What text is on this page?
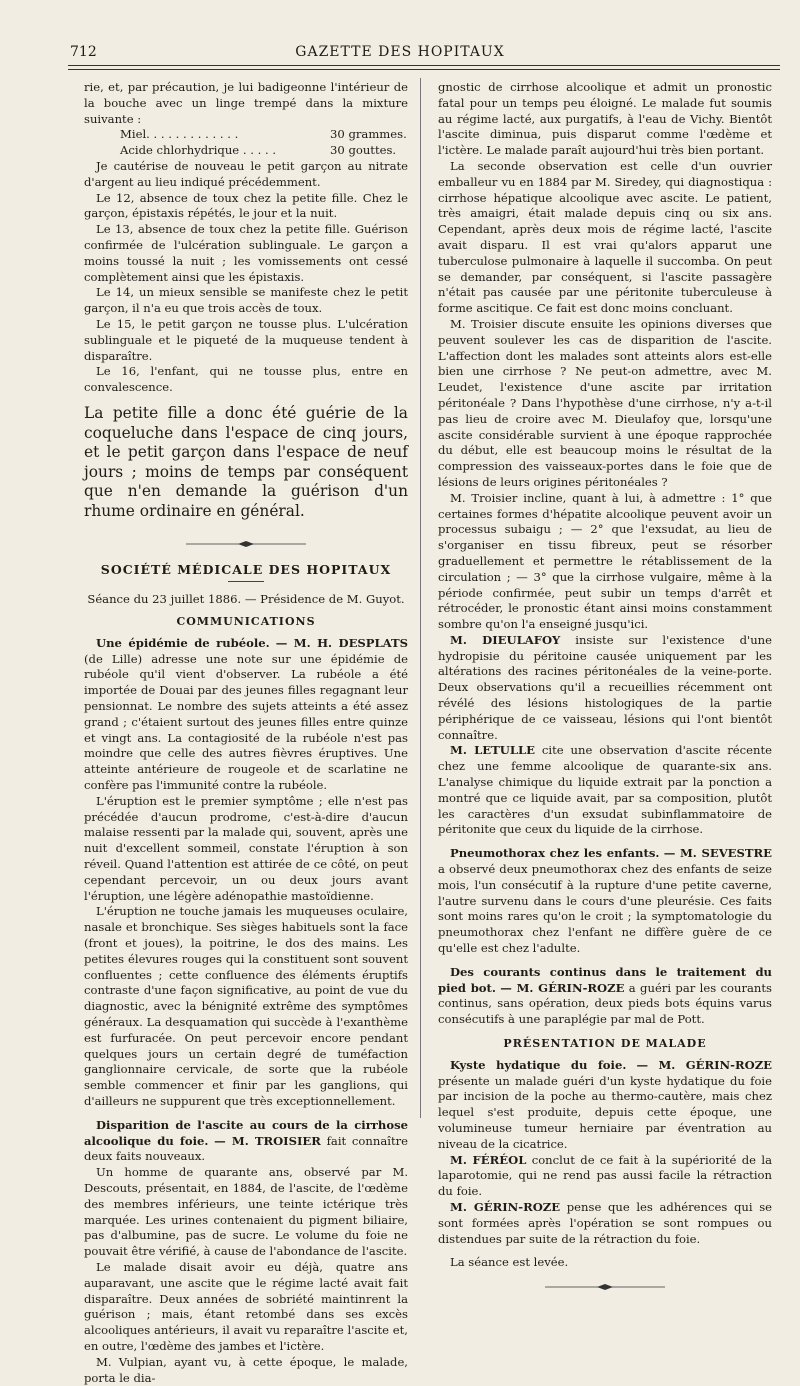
712	GAZETTE DES HOPITAUX

rie, et, par précaution, je lui badigeonne l'intérieur de la bouche avec un linge trempé dans la mixture suivante :

Miel. . . . . . . . . . . . .	30 grammes.
Acide chlorhydrique . . . . .	30 gouttes.

Je cautérise de nouveau le petit garçon au nitrate d'argent au lieu indiqué précédemment.

Le 12, absence de toux chez la petite fille. Chez le garçon, épistaxis répétés, le jour et la nuit.

Le 13, absence de toux chez la petite fille. Guérison confirmée de l'ulcération sublinguale. Le garçon a moins toussé la nuit ; les vomissements ont cessé complètement ainsi que les épistaxis.

Le 14, un mieux sensible se manifeste chez le petit garçon, il n'a eu que trois accès de toux.

Le 15, le petit garçon ne tousse plus. L'ulcération sublinguale et le piqueté de la muqueuse tendent à disparaître.

Le 16, l'enfant, qui ne tousse plus, entre en convalescence.

La petite fille a donc été guérie de la coqueluche dans l'espace de cinq jours, et le petit garçon dans l'espace de neuf jours ; moins de temps par conséquent que n'en demande la guérison d'un rhume ordinaire en général.

SOCIÉTÉ MÉDICALE DES HOPITAUX
Séance du 23 juillet 1886. — Présidence de M. Guyot.
COMMUNICATIONS

Une épidémie de rubéole. — M. H. DESPLATS (de Lille) adresse une note sur une épidémie de rubéole qu'il vient d'observer. La rubéole a été importée de Douai par des jeunes filles regagnant leur pensionnat. Le nombre des sujets atteints a été assez grand ; c'étaient surtout des jeunes filles entre quinze et vingt ans. La contagiosité de la rubéole n'est pas moindre que celle des autres fièvres éruptives. Une atteinte antérieure de rougeole et de scarlatine ne confère pas l'immunité contre la rubéole.

L'éruption est le premier symptôme ; elle n'est pas précédée d'aucun prodrome, c'est-à-dire d'aucun malaise ressenti par la malade qui, souvent, après une nuit d'excellent sommeil, constate l'éruption à son réveil. Quand l'attention est attirée de ce côté, on peut cependant percevoir, un ou deux jours avant l'éruption, une légère adénopathie mastoïdienne.

L'éruption ne touche jamais les muqueuses oculaire, nasale et bronchique. Ses sièges habituels sont la face (front et joues), la poitrine, le dos des mains. Les petites élevures rouges qui la constituent sont souvent confluentes ; cette confluence des éléments éruptifs contraste d'une façon significative, au point de vue du diagnostic, avec la bénignité extrême des symptômes généraux. La desquamation qui succède à l'exanthème est furfuracée. On peut percevoir encore pendant quelques jours un certain degré de tuméfaction ganglionnaire cervicale, de sorte que la rubéole semble commencer et finir par les ganglions, qui d'ailleurs ne suppurent que très exceptionnellement.

Disparition de l'ascite au cours de la cirrhose alcoolique du foie. — M. TROISIER fait connaître deux faits nouveaux.

Un homme de quarante ans, observé par M. Descouts, présentait, en 1884, de l'ascite, de l'œdème des membres inférieurs, une teinte ictérique très marquée. Les urines contenaient du pigment biliaire, pas d'albumine, pas de sucre. Le volume du foie ne pouvait être vérifié, à cause de l'abondance de l'ascite.

Le malade disait avoir eu déjà, quatre ans auparavant, une ascite que le régime lacté avait fait disparaître. Deux années de sobriété maintinrent la guérison ; mais, étant retombé dans ses excès alcooliques antérieurs, il avait vu reparaître l'ascite et, en outre, l'œdème des jambes et l'ictère.

M. Vulpian, ayant vu, à cette époque, le malade, porta le dia-

gnostic de cirrhose alcoolique et admit un pronostic fatal pour un temps peu éloigné. Le malade fut soumis au régime lacté, aux purgatifs, à l'eau de Vichy. Bientôt l'ascite diminua, puis disparut comme l'œdème et l'ictère. Le malade paraît aujourd'hui très bien portant.

La seconde observation est celle d'un ouvrier emballeur vu en 1884 par M. Siredey, qui diagnostiqua : cirrhose hépatique alcoolique avec ascite. Le patient, très amaigri, était malade depuis cinq ou six ans. Cependant, après deux mois de régime lacté, l'ascite avait disparu. Il est vrai qu'alors apparut une tuberculose pulmonaire à laquelle il succomba. On peut se demander, par conséquent, si l'ascite passagère n'était pas causée par une péritonite tuberculeuse à forme ascitique. Ce fait est donc moins concluant.

M. Troisier discute ensuite les opinions diverses que peuvent soulever les cas de disparition de l'ascite. L'affection dont les malades sont atteints alors est-elle bien une cirrhose ? Ne peut-on admettre, avec M. Leudet, l'existence d'une ascite par irritation péritonéale ? Dans l'hypothèse d'une cirrhose, n'y a-t-il pas lieu de croire avec M. Dieulafoy que, lorsqu'une ascite considérable survient à une époque rapprochée du début, elle est beaucoup moins le résultat de la compression des vaisseaux-portes dans le foie que de lésions de leurs origines péritonéales ?

M. Troisier incline, quant à lui, à admettre : 1° que certaines formes d'hépatite alcoolique peuvent avoir un processus subaigu ; — 2° que l'exsudat, au lieu de s'organiser en tissu fibreux, peut se résorber graduellement et permettre le rétablissement de la circulation ; — 3° que la cirrhose vulgaire, même à la période confirmée, peut subir un temps d'arrêt et rétrocéder, le pronostic étant ainsi moins constamment sombre qu'on l'a enseigné jusqu'ici.

M. DIEULAFOY insiste sur l'existence d'une hydropisie du péritoine causée uniquement par les altérations des racines péritonéales de la veine-porte. Deux observations qu'il a recueillies récemment ont révélé des lésions histologiques de la partie périphérique de ce vaisseau, lésions qui l'ont bientôt connaître.

M. LETULLE cite une observation d'ascite récente chez une femme alcoolique de quarante-six ans. L'analyse chimique du liquide extrait par la ponction a montré que ce liquide avait, par sa composition, plutôt les caractères d'un exsudat subinflammatoire de péritonite que ceux du liquide de la cirrhose.

Pneumothorax chez les enfants. — M. SEVESTRE a observé deux pneumothorax chez des enfants de seize mois, l'un consécutif à la rupture d'une petite caverne, l'autre survenu dans le cours d'une pleurésie. Ces faits sont moins rares qu'on le croit ; la symptomatologie du pneumothorax chez l'enfant ne diffère guère de ce qu'elle est chez l'adulte.

Des courants continus dans le traitement du pied bot. — M. GÉRIN-ROZE a guéri par les courants continus, sans opération, deux pieds bots équins varus consécutifs à une paraplégie par mal de Pott.

PRÉSENTATION DE MALADE

Kyste hydatique du foie. — M. GÉRIN-ROZE présente un malade guéri d'un kyste hydatique du foie par incision de la poche au thermo-cautère, mais chez lequel s'est produite, depuis cette époque, une volumineuse tumeur herniaire par éventration au niveau de la cicatrice.

M. FÉRÉOL conclut de ce fait à la supériorité de la laparotomie, qui ne rend pas aussi facile la rétraction du foie.

M. GÉRIN-ROZE pense que les adhérences qui se sont formées après l'opération se sont rompues ou distendues par suite de la rétraction du foie.

La séance est levée.
